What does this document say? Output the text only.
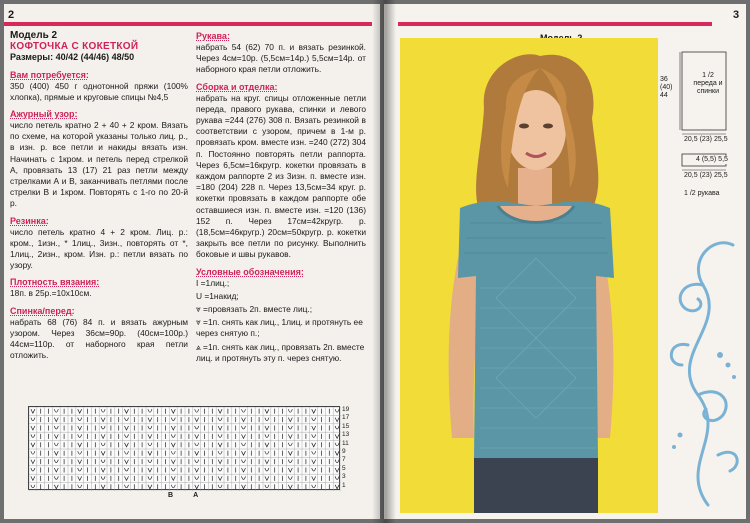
2
Модель 2
КОФТОЧКА С КОКЕТКОЙ
Размеры: 40/42 (44/46) 48/50
Вам потребуется:

350 (400) 450 г однотонной пряжи (100% хлопка), прямые и круговые спицы №4,5

Ажурный узор:

число петель кратно 2 + 40 + 2 кром. Вязать по схеме, на которой указаны только лиц. р., в изн. р. все петли и накиды вязать изн. Начинать с 1кром. и петель перед стрелкой А, провязать 13 (17) 21 раз петли между стрелками А и В, заканчивать петлями после стрелки В и 1кром. Повторять с 1-го по 20-й р.

Резинка:

число петель кратно 4 + 2 кром. Лиц. р.: кром., 1изн., * 1лиц., 3изн., повторять от *, 1лиц., 2изн., кром. Изн. р.: петли вязать по узору.

Плотность вязания:

18п. в 25р.=10х10см.

Спинка/перед:

набрать 68 (76) 84 п. и вязать ажурным узором. Через 36см=90р. (40см=100р.) 44см=110р. от наборного края петли отложить.

Рукава:

набрать 54 (62) 70 п. и вязать резинкой. Через 4см=10р. (5,5см=14р.) 5,5см=14р. от наборного края петли отложить.

Сборка и отделка:

набрать на круг. спицы отложенные петли переда, правого рукава, спинки и левого рукава =244 (276) 308 п. Вязать резинкой в соответствии с узором, причем в 1-м р. провязать кром. вместе изн. =240 (272) 304 п. Постоянно повторять петли раппорта. Через 6,5см=16кругр. кокетки провязать в каждом раппорте 2 из 3изн. п. вместе изн. =180 (204) 228 п. Через 13,5см=34 круг. р. кокетки провязать в каждом раппорте обе оставшиеся изн. п. вместе изн. =120 (136) 152 п. Через 17см=42кругр. р. (18,5см=46кругр.) 20см=50кругр. р. кокетки закрыть все петли по рисунку. Выполнить боковые и швы рукавов.

Условные обозначения:

I =1лиц.;

U =1накид;

⩔ =провязать 2п. вместе лиц.;

⩔ =1п. снять как лиц., 1лиц. и протянуть ее через снятую п.;

⩓ =1п. снять как лиц., провязать 2п. вместе лиц. и протянуть эту п. через снятую.

19
17
15
13
11
9
7
5
3
1
B	A
3
1 /2 переда и спинки
36
(40)
44
20,5 (23) 25,5
4 (5,5) 5,5
20,5 (23) 25,5
1 /2 рукава
